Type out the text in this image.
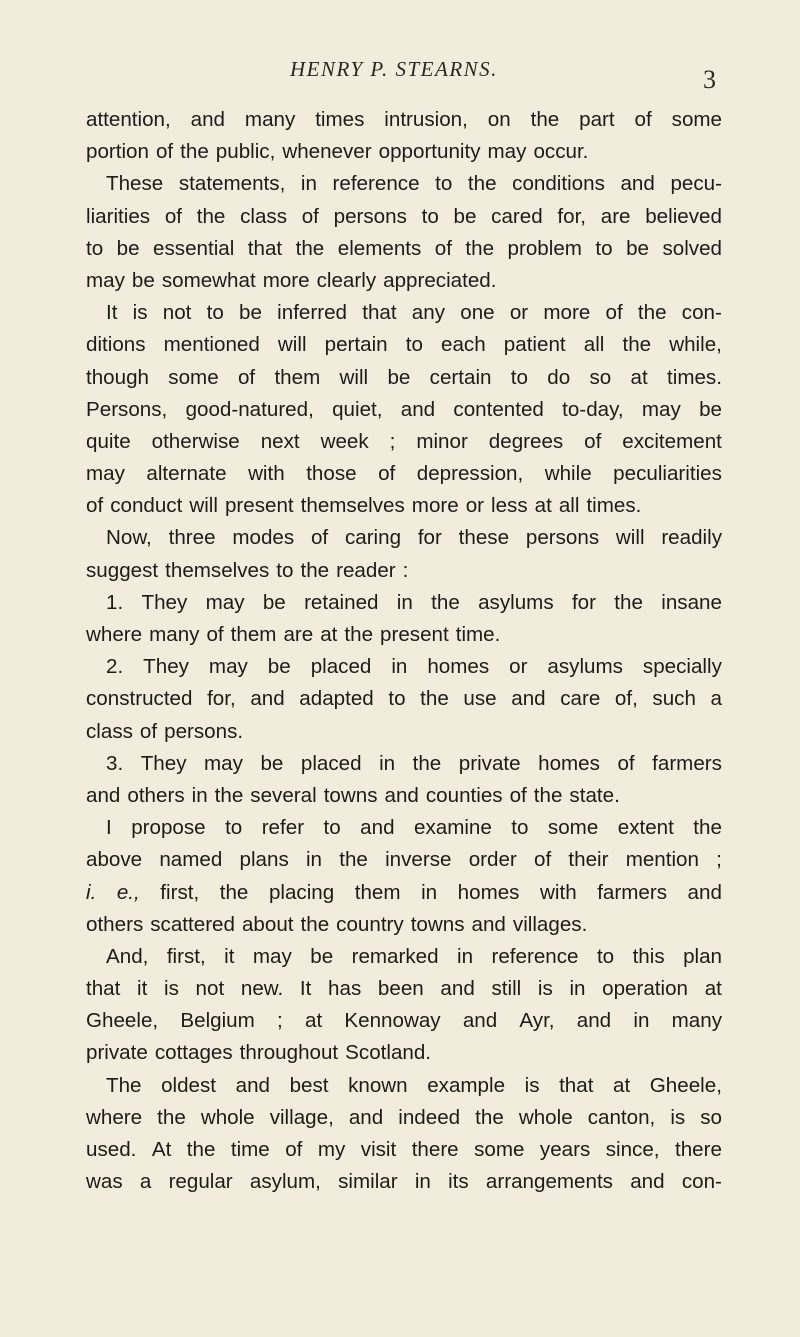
HENRY P. STEARNS.	3
attention, and many times intrusion, on the part of some
portion of the public, whenever opportunity may occur.
These statements, in reference to the conditions and pecu-
liarities of the class of persons to be cared for, are believed
to be essential that the elements of the problem to be solved
may be somewhat more clearly appreciated.
It is not to be inferred that any one or more of the con-
ditions mentioned will pertain to each patient all the while,
though some of them will be certain to do so at times.
Persons, good-natured, quiet, and contented to-day, may be
quite otherwise next week ; minor degrees of excitement
may alternate with those of depression, while peculiarities
of conduct will present themselves more or less at all times.
Now, three modes of caring for these persons will readily
suggest themselves to the reader :
1. They may be retained in the asylums for the insane
where many of them are at the present time.
2. They may be placed in homes or asylums specially
constructed for, and adapted to the use and care of, such a
class of persons.
3. They may be placed in the private homes of farmers
and others in the several towns and counties of the state.
I propose to refer to and examine to some extent the
above named plans in the inverse order of their mention ;
i. e., first, the placing them in homes with farmers and
others scattered about the country towns and villages.
And, first, it may be remarked in reference to this plan
that it is not new. It has been and still is in operation at
Gheele, Belgium ; at Kennoway and Ayr, and in many
private cottages throughout Scotland.
The oldest and best known example is that at Gheele,
where the whole village, and indeed the whole canton, is so
used. At the time of my visit there some years since, there
was a regular asylum, similar in its arrangements and con-
